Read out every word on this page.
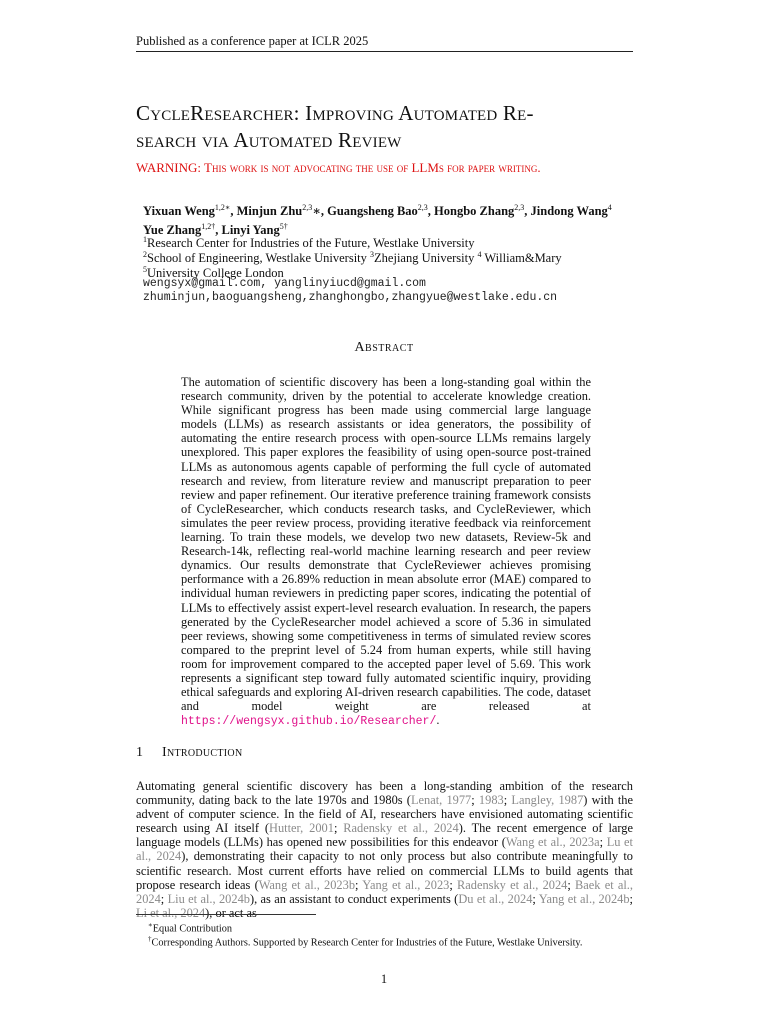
Published as a conference paper at ICLR 2025
CycleResearcher: Improving Automated Re-
search via Automated Review
WARNING: This work is not advocating the use of LLMs for paper writing.
Yixuan Weng$^{1,2∗}$, Minjun Zhu$^{2,3}$∗, Guangsheng Bao$^{2,3}$, Hongbo Zhang$^{2,3}$, Jindong Wang$^4$
Yue Zhang$^{1,2\dagger}$, Linyi Yang$^{5\dagger}$
$^1$Research Center for Industries of the Future, Westlake University
$^2$School of Engineering, Westlake University $^3$Zhejiang University $^4$ William&Mary
$^5$University College London
wengsyx@gmail.com, yanglinyiucd@gmail.com
zhuminjun,baoguangsheng,zhanghongbo,zhangyue@westlake.edu.cn
Abstract
The automation of scientific discovery has been a long-standing goal within the research community, driven by the potential to accelerate knowledge creation. While significant progress has been made using commercial large language models (LLMs) as research assistants or idea generators, the possibility of automating the entire research process with open-source LLMs remains largely unexplored. This paper explores the feasibility of using open-source post-trained LLMs as autonomous agents capable of performing the full cycle of automated research and review, from literature review and manuscript preparation to peer review and paper refinement. Our iterative preference training framework consists of CycleResearcher, which conducts research tasks, and CycleReviewer, which simulates the peer review process, providing iterative feedback via reinforcement learning. To train these models, we develop two new datasets, Review-5k and Research-14k, reflecting real-world machine learning research and peer review dynamics. Our results demonstrate that CycleReviewer achieves promising performance with a 26.89% reduction in mean absolute error (MAE) compared to individual human reviewers in predicting paper scores, indicating the potential of LLMs to effectively assist expert-level research evaluation. In research, the papers generated by the CycleResearcher model achieved a score of 5.36 in simulated peer reviews, showing some competitiveness in terms of simulated review scores compared to the preprint level of 5.24 from human experts, while still having room for improvement compared to the accepted paper level of 5.69. This work represents a significant step toward fully automated scientific inquiry, providing ethical safeguards and exploring AI-driven research capabilities. The code, dataset and model weight are released at https://wengsyx.github.io/Researcher/.
1 Introduction
Automating general scientific discovery has been a long-standing ambition of the research community, dating back to the late 1970s and 1980s (Lenat, 1977; 1983; Langley, 1987) with the advent of computer science. In the field of AI, researchers have envisioned automating scientific research using AI itself (Hutter, 2001; Radensky et al., 2024). The recent emergence of large language models (LLMs) has opened new possibilities for this endeavor (Wang et al., 2023a; Lu et al., 2024), demonstrating their capacity to not only process but also contribute meaningfully to scientific research. Most current efforts have relied on commercial LLMs to build agents that propose research ideas (Wang et al., 2023b; Yang et al., 2023; Radensky et al., 2024; Baek et al., 2024; Liu et al., 2024b), as an assistant to conduct experiments (Du et al., 2024; Yang et al., 2024b; Li et al., 2024), or act as
∗Equal Contribution
†Corresponding Authors. Supported by Research Center for Industries of the Future, Westlake University.
1
